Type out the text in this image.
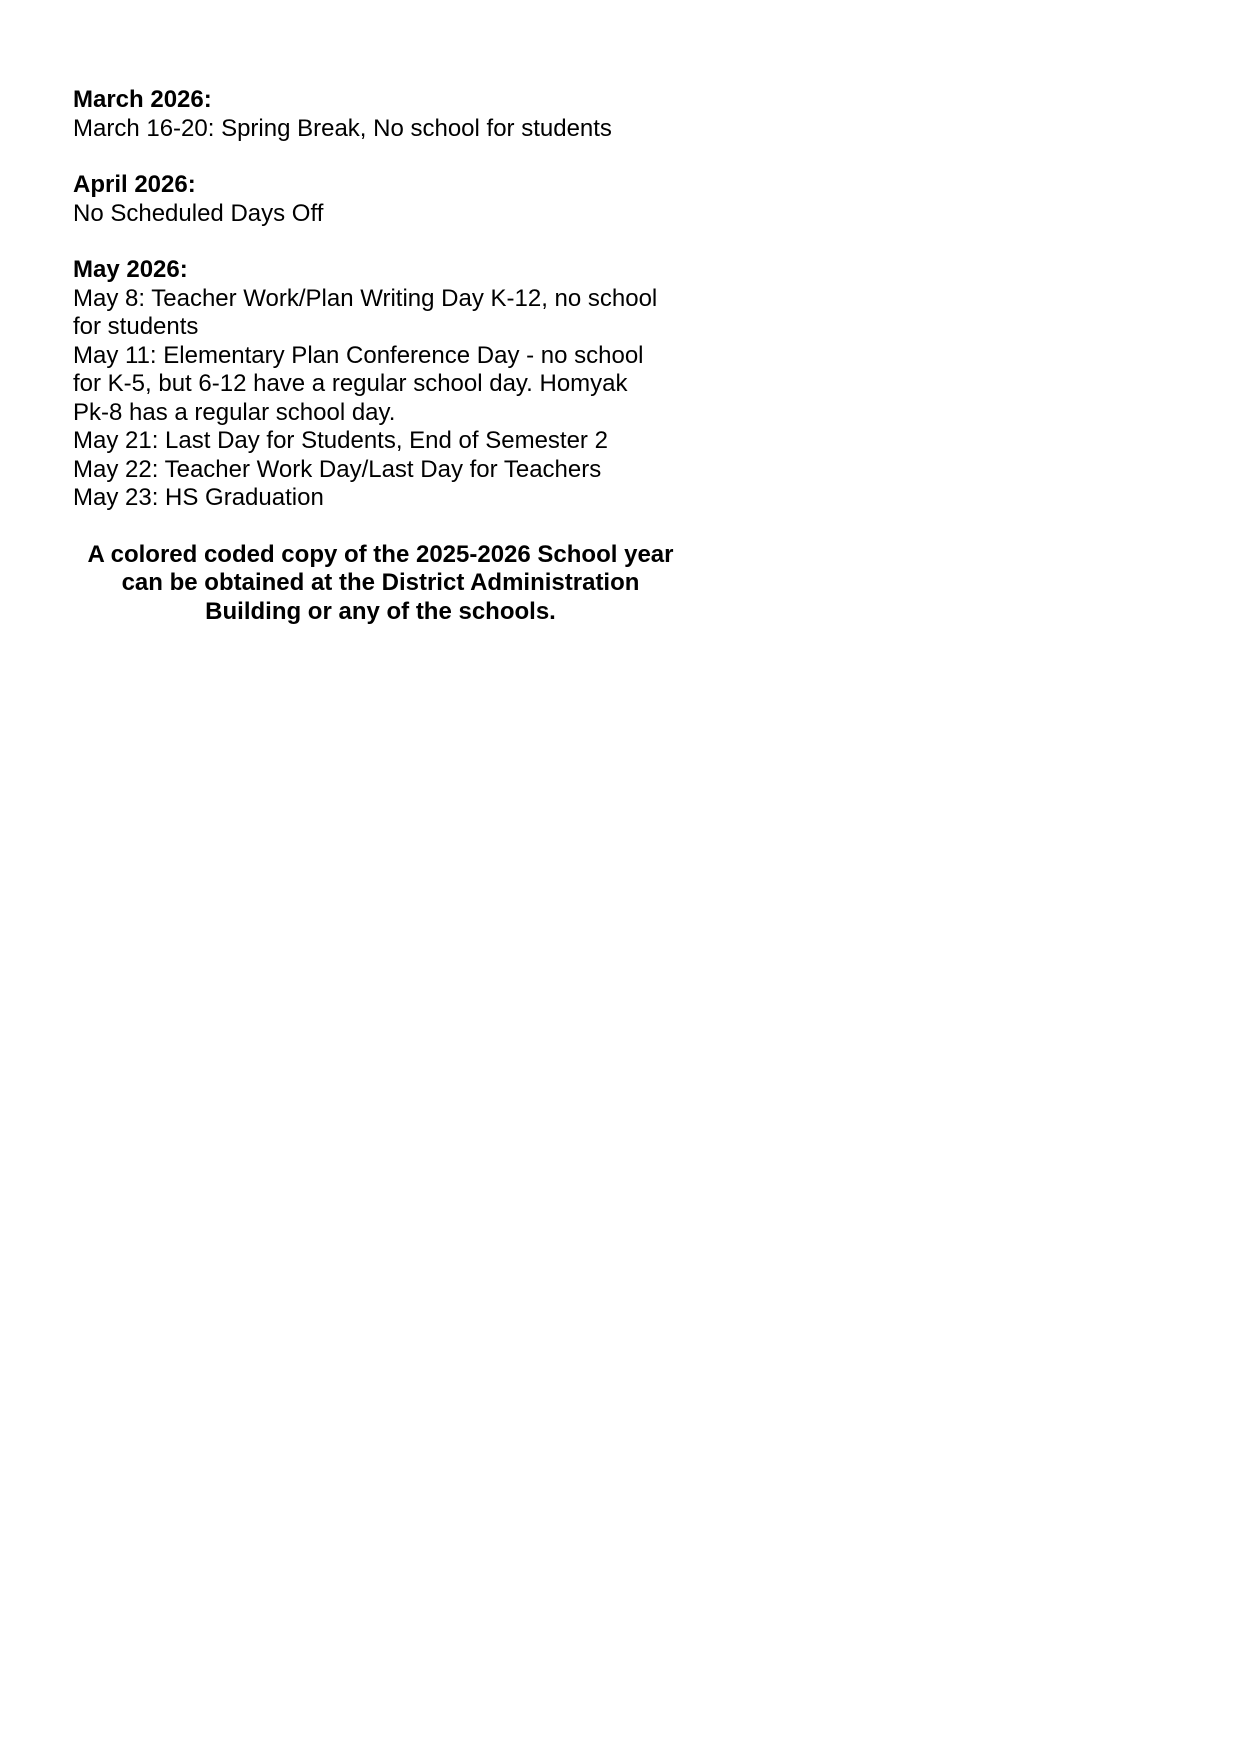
March 2026:
March 16-20: Spring Break, No school for students
April 2026:
No Scheduled Days Off
May 2026:
May 8: Teacher Work/Plan Writing Day K-12, no school
for students
May 11: Elementary Plan Conference Day - no school
for K-5, but 6-12 have a regular school day. Homyak
Pk-8 has a regular school day.
May 21: Last Day for Students, End of Semester 2
May 22: Teacher Work Day/Last Day for Teachers
May 23: HS Graduation
A colored coded copy of the 2025-2026 School year
can be obtained at the District Administration
Building or any of the schools.
